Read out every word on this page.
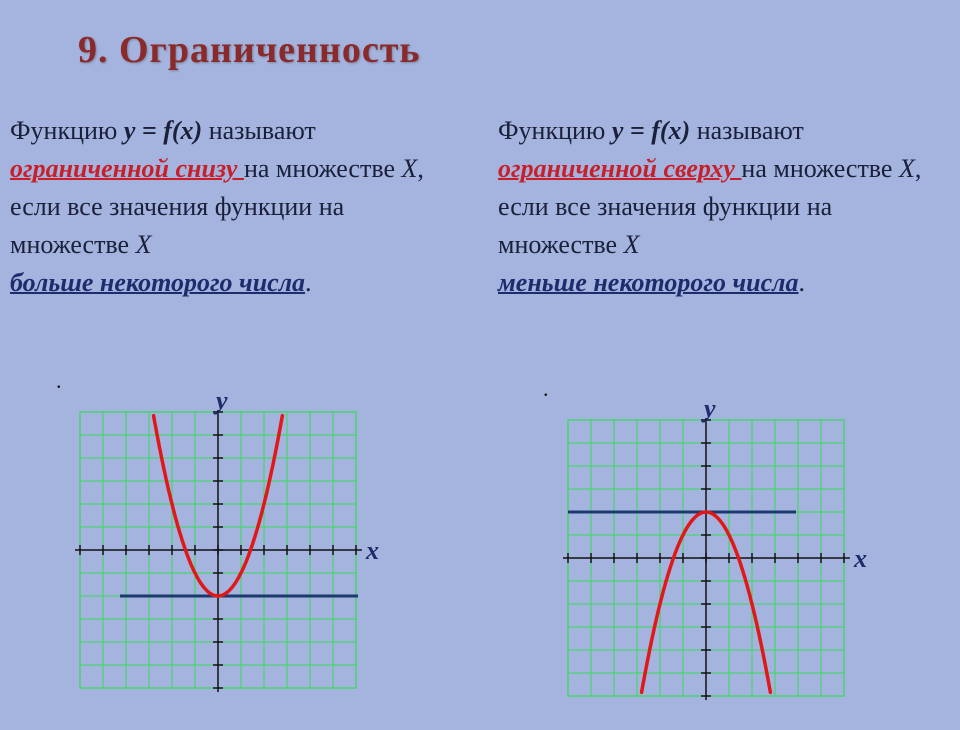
9. Ограниченность
Функцию y = f(x) называют
ограниченной снизу на множестве X, если все значения функции на множестве X
больше некоторого числа.
Функцию y = f(x) называют
ограниченной сверху на множестве X, если все значения функции на множестве X
меньше некоторого числа.
.	.
y
x
y
x
